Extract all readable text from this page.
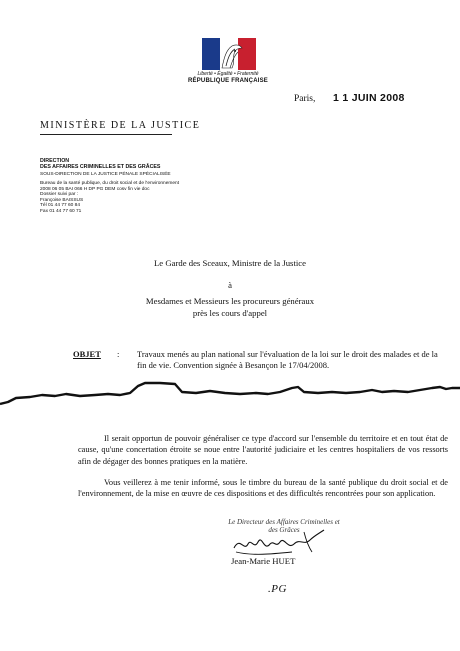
Liberté • Égalité • Fraternité
RÉPUBLIQUE FRANÇAISE
Paris, 1 1 JUIN 2008
MINISTÈRE DE LA JUSTICE
DIRECTION
DES AFFAIRES CRIMINELLES ET DES GRÂCES
SOUS-DIRECTION DE LA JUSTICE PÉNALE SPÉCIALISÉE
Bureau de la santé publique, du droit social et de l'environnement
2008 06 05 BAI 066 H DP PG DEM cosv fin vie doc
Dossier suivi par :
Françoise BAISSUS
Tél 01 44 77 60 84
Fax 01 44 77 60 71
Le Garde des Sceaux, Ministre de la Justice
à
Mesdames et Messieurs les procureurs généraux
près les cours d'appel
OBJET : Travaux menés au plan national sur l'évaluation de la loi sur le droit des malades et de la fin de vie. Convention signée à Besançon le 17/04/2008.
Il serait opportun de pouvoir généraliser ce type d'accord sur l'ensemble du territoire et en tout état de cause, qu'une concertation étroite se noue entre l'autorité judiciaire et les centres hospitaliers de vos ressorts afin de dégager des bonnes pratiques en la matière.
Vous veillerez à me tenir informé, sous le timbre du bureau de la santé publique du droit social et de l'environnement, de la mise en œuvre de ces dispositions et des difficultés rencontrées pour son application.
Le Directeur des Affaires Criminelles et des Grâces
Jean-Marie HUET
.PG
